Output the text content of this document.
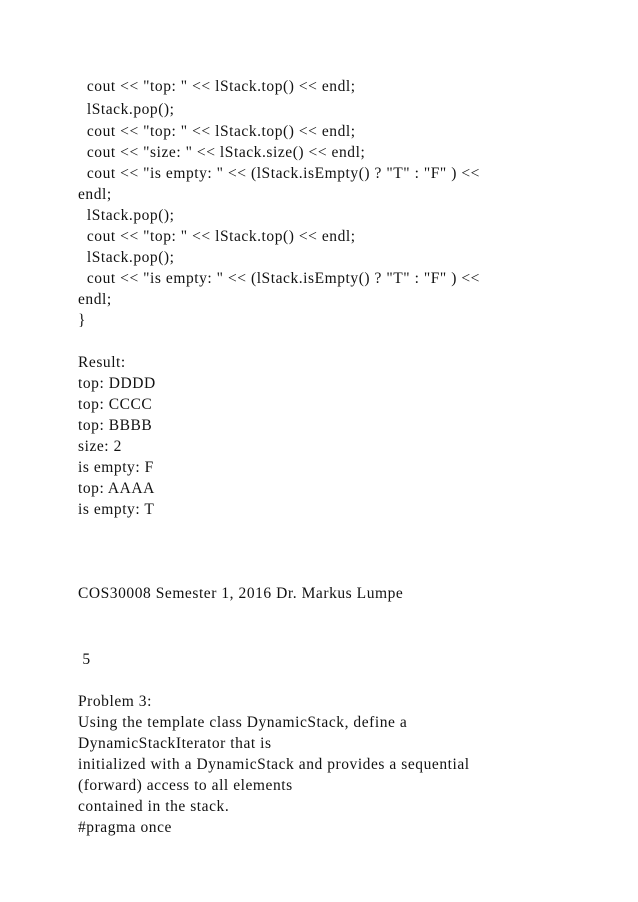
cout << "top: " << lStack.top() << endl;
lStack.pop();
cout << "top: " << lStack.top() << endl;
cout << "size: " << lStack.size() << endl;
cout << "is empty: " << (lStack.isEmpty() ? "T" : "F" ) <<
endl;
lStack.pop();
cout << "top: " << lStack.top() << endl;
lStack.pop();
cout << "is empty: " << (lStack.isEmpty() ? "T" : "F" ) <<
endl;
}
Result:
top: DDDD
top: CCCC
top: BBBB
size: 2
is empty: F
top: AAAA
is empty: T
COS30008 Semester 1, 2016 Dr. Markus Lumpe
5
Problem 3:
Using the template class DynamicStack, define a
DynamicStackIterator that is
initialized with a DynamicStack and provides a sequential
(forward) access to all elements
contained in the stack.
#pragma once
